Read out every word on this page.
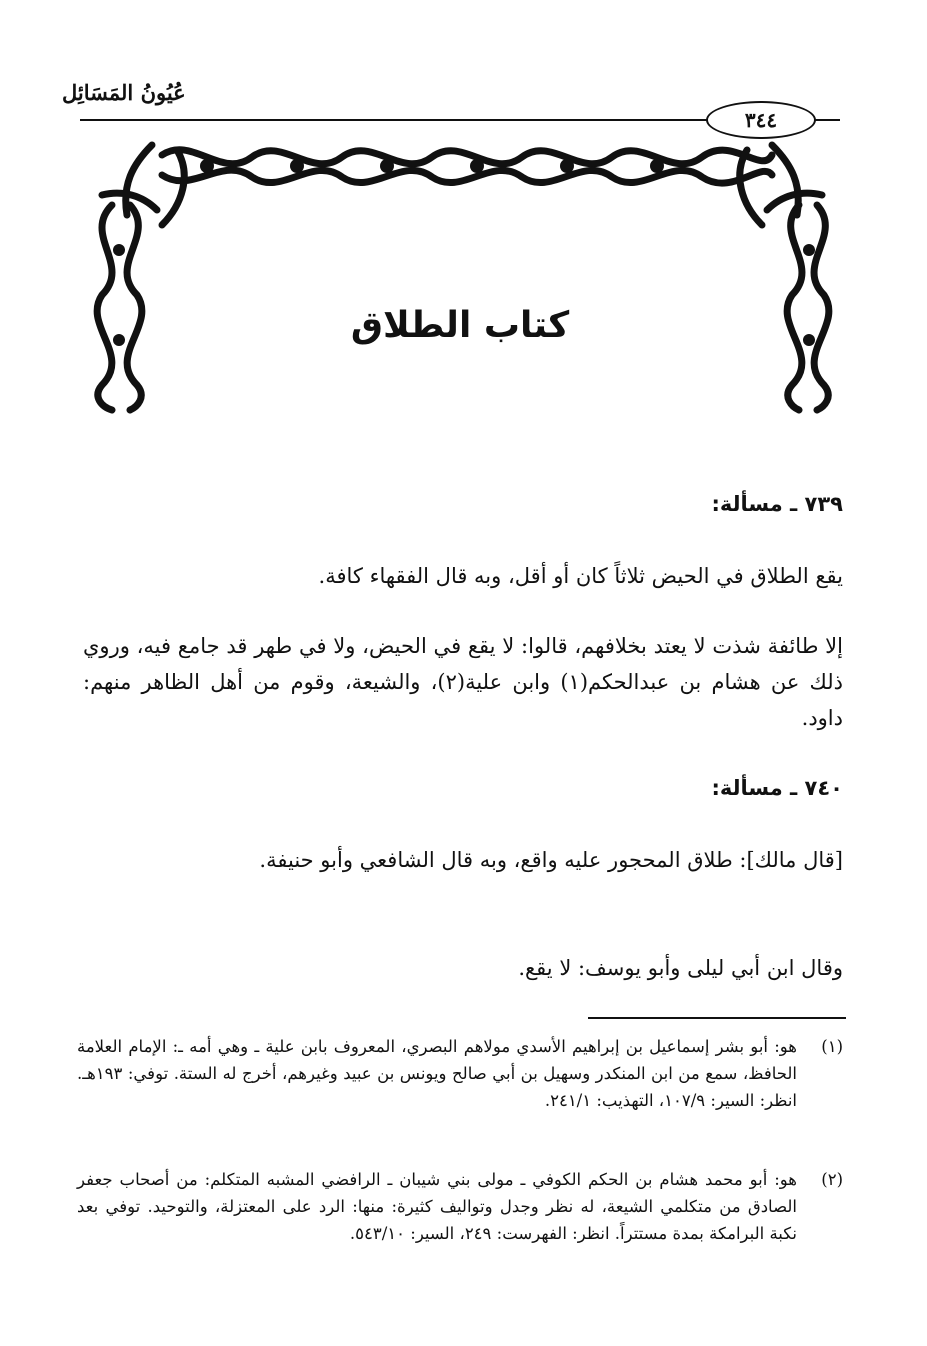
عُيُونُ المَسَائِل
٣٤٤
كتاب الطلاق
٧٣٩ ـ مسألة:
يقع الطلاق في الحيض ثلاثاً كان أو أقل، وبه قال الفقهاء كافة.
إلا طائفة شذت لا يعتد بخلافهم، قالوا: لا يقع في الحيض، ولا في طهر قد جامع فيه، وروي ذلك عن هشام بن عبدالحكم(١) وابن علية(٢)، والشيعة، وقوم من أهل الظاهر منهم: داود.
٧٤٠ ـ مسألة:
[قال مالك]: طلاق المحجور عليه واقع، وبه قال الشافعي وأبو حنيفة.
وقال ابن أبي ليلى وأبو يوسف: لا يقع.
(١)
هو: أبو بشر إسماعيل بن إبراهيم الأسدي مولاهم البصري، المعروف بابن علية ـ وهي أمه ـ: الإمام العلامة الحافظ، سمع من ابن المنكدر وسهيل بن أبي صالح ويونس بن عبيد وغيرهم، أخرج له الستة. توفي: ١٩٣هـ. انظر: السير: ١٠٧/٩، التهذيب: ٢٤١/١.
(٢)
هو: أبو محمد هشام بن الحكم الكوفي ـ مولى بني شيبان ـ الرافضي المشبه المتكلم: من أصحاب جعفر الصادق من متكلمي الشيعة، له نظر وجدل وتواليف كثيرة: منها: الرد على المعتزلة، والتوحيد. توفي بعد نكبة البرامكة بمدة مستتراً. انظر: الفهرست: ٢٤٩، السير: ٥٤٣/١٠.
